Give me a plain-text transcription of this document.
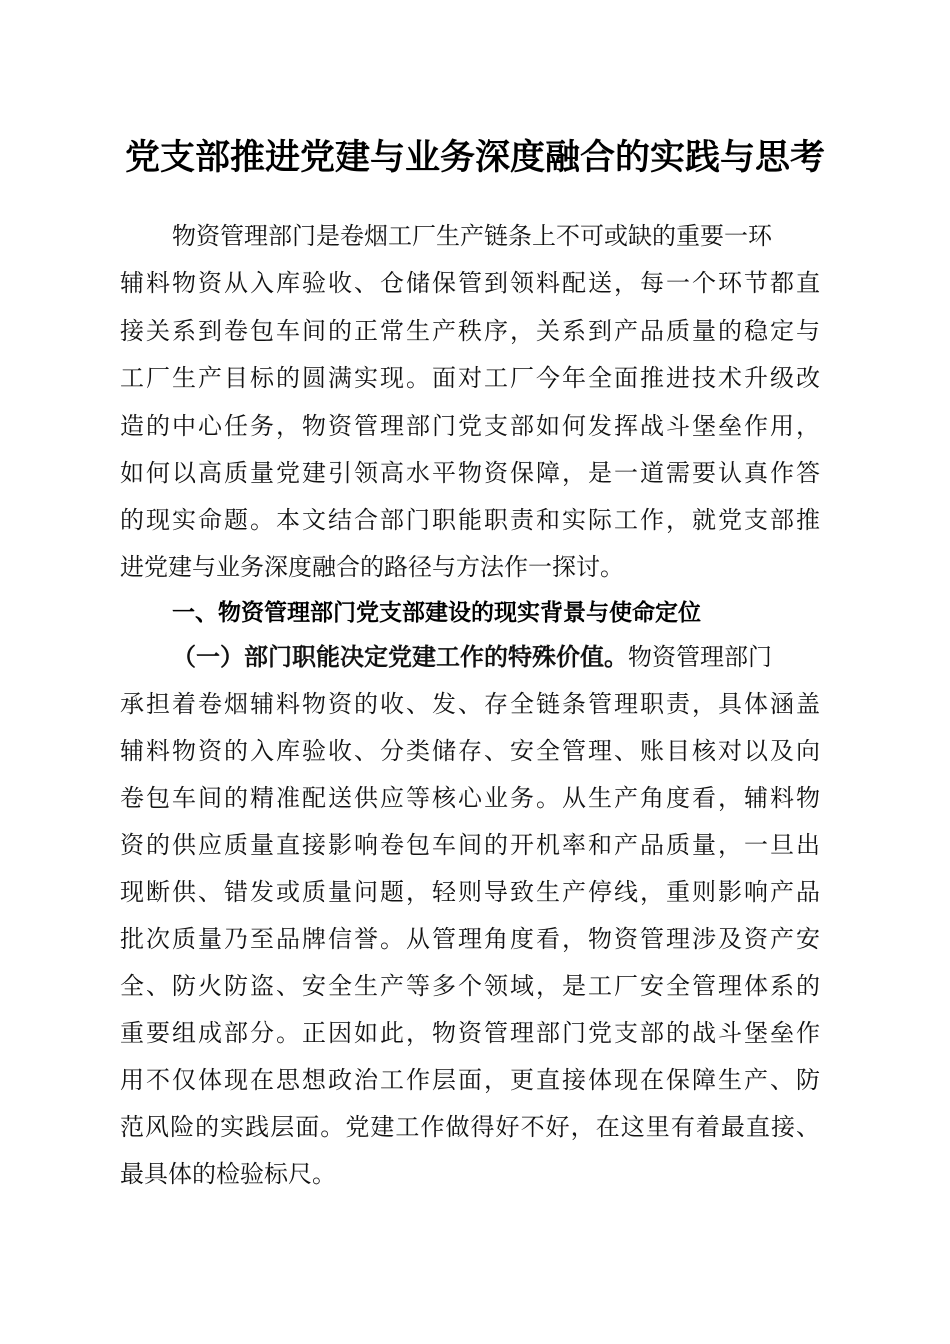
党支部推进党建与业务深度融合的实践与思考

物资管理部门是卷烟工厂生产链条上不可或缺的重要一环

辅料物资从入库验收、仓储保管到领料配送，每一个环节都直

接关系到卷包车间的正常生产秩序，关系到产品质量的稳定与

工厂生产目标的圆满实现。面对工厂今年全面推进技术升级改

造的中心任务，物资管理部门党支部如何发挥战斗堡垒作用，

如何以高质量党建引领高水平物资保障，是一道需要认真作答

的现实命题。本文结合部门职能职责和实际工作，就党支部推

进党建与业务深度融合的路径与方法作一探讨。

一、物资管理部门党支部建设的现实背景与使命定位

（一）部门职能决定党建工作的特殊价值。物资管理部门

承担着卷烟辅料物资的收、发、存全链条管理职责，具体涵盖

辅料物资的入库验收、分类储存、安全管理、账目核对以及向

卷包车间的精准配送供应等核心业务。从生产角度看，辅料物

资的供应质量直接影响卷包车间的开机率和产品质量，一旦出

现断供、错发或质量问题，轻则导致生产停线，重则影响产品

批次质量乃至品牌信誉。从管理角度看，物资管理涉及资产安

全、防火防盗、安全生产等多个领域，是工厂安全管理体系的

重要组成部分。正因如此，物资管理部门党支部的战斗堡垒作

用不仅体现在思想政治工作层面，更直接体现在保障生产、防

范风险的实践层面。党建工作做得好不好，在这里有着最直接、

最具体的检验标尺。
